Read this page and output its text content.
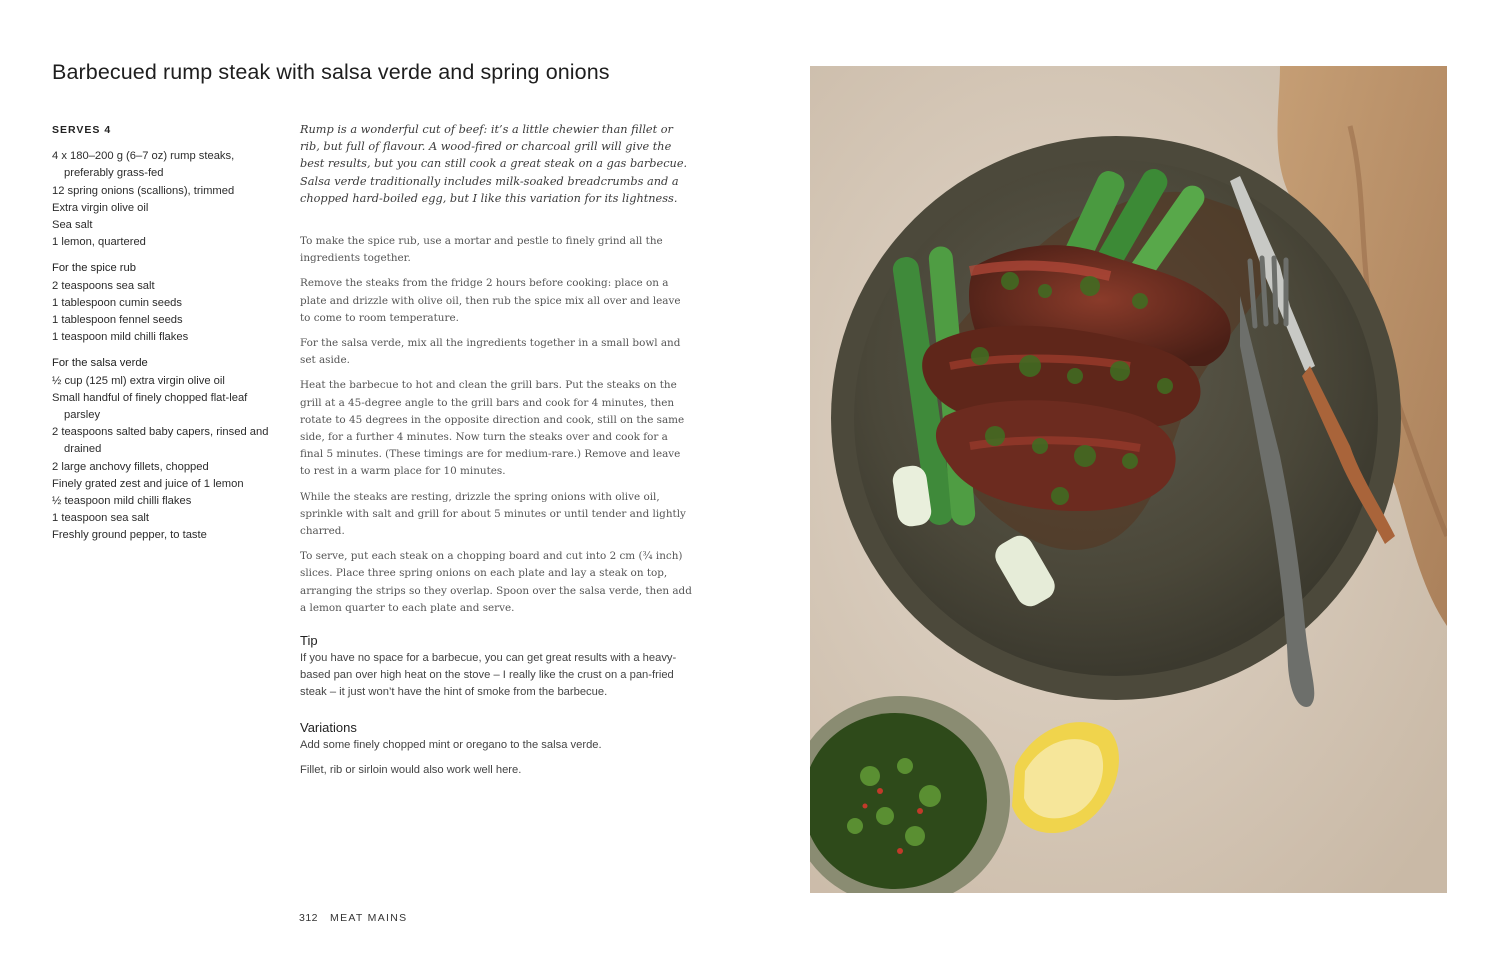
Barbecued rump steak with salsa verde and spring onions

SERVES 4

4 x 180–200 g (6–7 oz) rump steaks, preferably grass-fed
12 spring onions (scallions), trimmed
Extra virgin olive oil
Sea salt
1 lemon, quartered

For the spice rub

2 teaspoons sea salt
1 tablespoon cumin seeds
1 tablespoon fennel seeds
1 teaspoon mild chilli flakes

For the salsa verde

½ cup (125 ml) extra virgin olive oil
Small handful of finely chopped flat-leaf parsley
2 teaspoons salted baby capers, rinsed and drained
2 large anchovy fillets, chopped
Finely grated zest and juice of 1 lemon
½ teaspoon mild chilli flakes
1 teaspoon sea salt
Freshly ground pepper, to taste

Rump is a wonderful cut of beef: it’s a little chewier than fillet or rib, but full of flavour. A wood-fired or charcoal grill will give the best results, but you can still cook a great steak on a gas barbecue. Salsa verde traditionally includes milk-soaked breadcrumbs and a chopped hard-boiled egg, but I like this variation for its lightness.

To make the spice rub, use a mortar and pestle to finely grind all the ingredients together.

Remove the steaks from the fridge 2 hours before cooking: place on a plate and drizzle with olive oil, then rub the spice mix all over and leave to come to room temperature.

For the salsa verde, mix all the ingredients together in a small bowl and set aside.

Heat the barbecue to hot and clean the grill bars. Put the steaks on the grill at a 45-degree angle to the grill bars and cook for 4 minutes, then rotate to 45 degrees in the opposite direction and cook, still on the same side, for a further 4 minutes. Now turn the steaks over and cook for a final 5 minutes. (These timings are for medium-rare.) Remove and leave to rest in a warm place for 10 minutes.

While the steaks are resting, drizzle the spring onions with olive oil, sprinkle with salt and grill for about 5 minutes or until tender and lightly charred.

To serve, put each steak on a chopping board and cut into 2 cm (¾ inch) slices. Place three spring onions on each plate and lay a steak on top, arranging the strips so they overlap. Spoon over the salsa verde, then add a lemon quarter to each plate and serve.

Tip

If you have no space for a barbecue, you can get great results with a heavy-based pan over high heat on the stove – I really like the crust on a pan-fried steak – it just won’t have the hint of smoke from the barbecue.

Variations

Add some finely chopped mint or oregano to the salsa verde.

Fillet, rib or sirloin would also work well here.

312 MEAT MAINS
